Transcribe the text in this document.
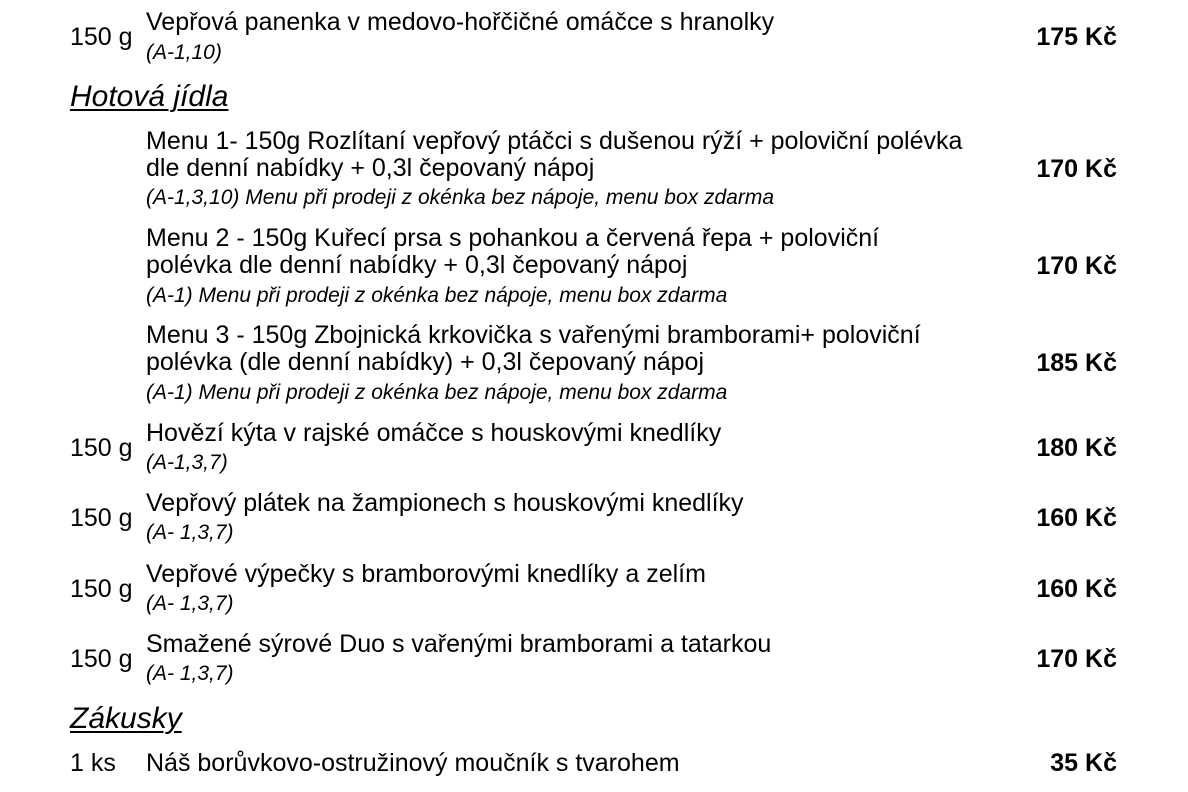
150 g
Vepřová panenka v medovo-hořčičné omáčce s hranolky
(A-1,10)
175 Kč
Hotová jídla
Menu 1- 150g Rozlítaní vepřový ptáčci s dušenou rýží + poloviční polévka
dle denní nabídky + 0,3l čepovaný nápoj
(A-1,3,10) Menu při prodeji z okénka bez nápoje, menu box zdarma
170 Kč
Menu 2 - 150g Kuřecí prsa s pohankou a červená řepa + poloviční
polévka dle denní nabídky + 0,3l čepovaný nápoj
(A-1) Menu při prodeji z okénka bez nápoje, menu box zdarma
170 Kč
Menu 3 - 150g Zbojnická krkovička s vařenými bramborami+ poloviční
polévka (dle denní nabídky) + 0,3l čepovaný nápoj
(A-1) Menu při prodeji z okénka bez nápoje, menu box zdarma
185 Kč
150 g
Hovězí kýta v rajské omáčce s houskovými knedlíky
(A-1,3,7)
180 Kč
150 g
Vepřový plátek na žampionech s houskovými knedlíky
(A- 1,3,7)
160 Kč
150 g
Vepřové výpečky s bramborovými knedlíky a zelím
(A- 1,3,7)
160 Kč
150 g
Smažené sýrové Duo s vařenými bramborami a tatarkou
(A- 1,3,7)
170 Kč
Zákusky
1 ks Náš borůvkovo-ostružinový moučník s tvarohem	35 Kč
